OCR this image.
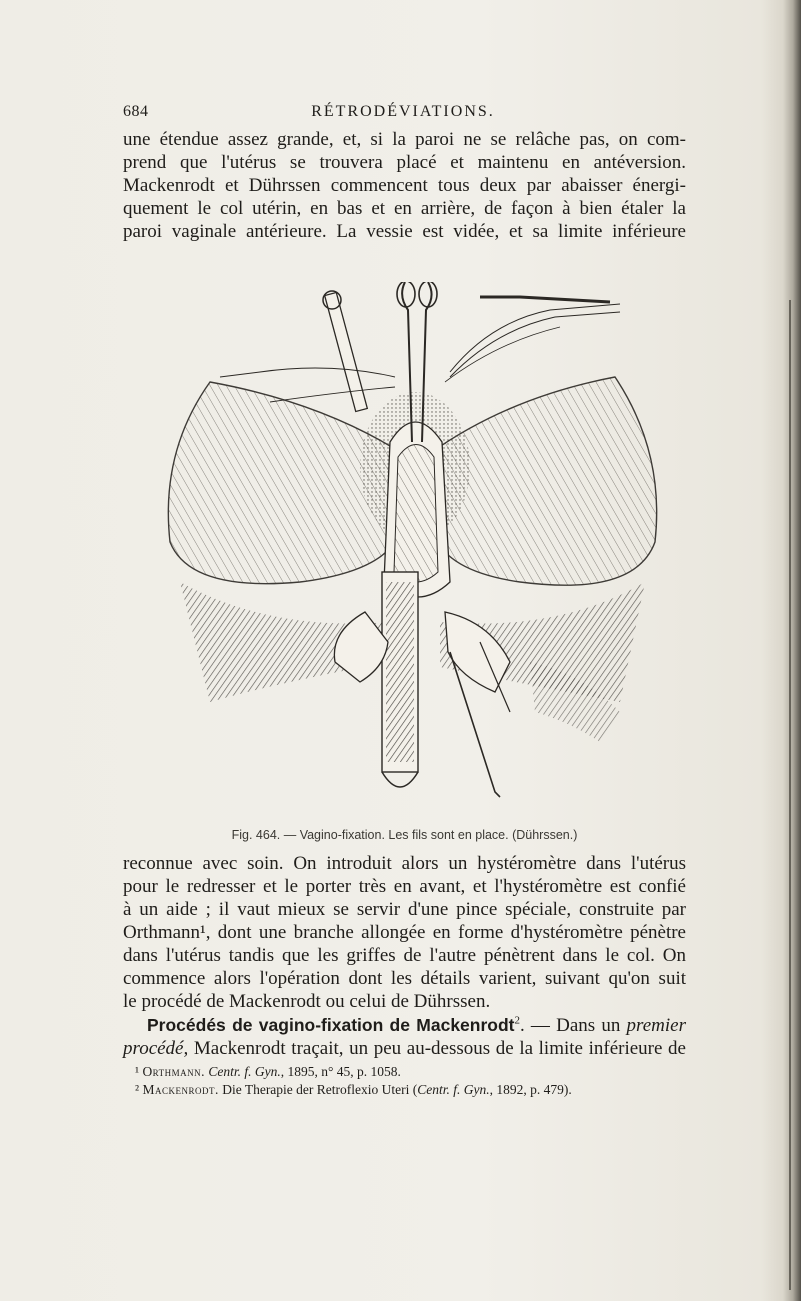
684	RÉTRODÉVIATIONS.

une étendue assez grande, et, si la paroi ne se relâche pas, on com-

prend que l'utérus se trouvera placé et maintenu en antéversion.

Mackenrodt et Dührssen commencent tous deux par abaisser énergi-

quement le col utérin, en bas et en arrière, de façon à bien étaler la

paroi vaginale antérieure. La vessie est vidée, et sa limite inférieure

Fig. 464. — Vagino-fixation. Les fils sont en place. (Dührssen.)

reconnue avec soin. On introduit alors un hystéromètre dans l'utérus

pour le redresser et le porter très en avant, et l'hystéromètre est confié

à un aide ; il vaut mieux se servir d'une pince spéciale, construite par

Orthmann¹, dont une branche allongée en forme d'hystéromètre pénètre

dans l'utérus tandis que les griffes de l'autre pénètrent dans le col. On

commence alors l'opération dont les détails varient, suivant qu'on suit

le procédé de Mackenrodt ou celui de Dührssen.

Procédés de vagino-fixation de Mackenrodt$^2$. — Dans un premier

procédé, Mackenrodt traçait, un peu au-dessous de la limite inférieure de

¹ Orthmann. Centr. f. Gyn., 1895, n° 45, p. 1058.

² Mackenrodt. Die Therapie der Retroflexio Uteri (Centr. f. Gyn., 1892, p. 479).
